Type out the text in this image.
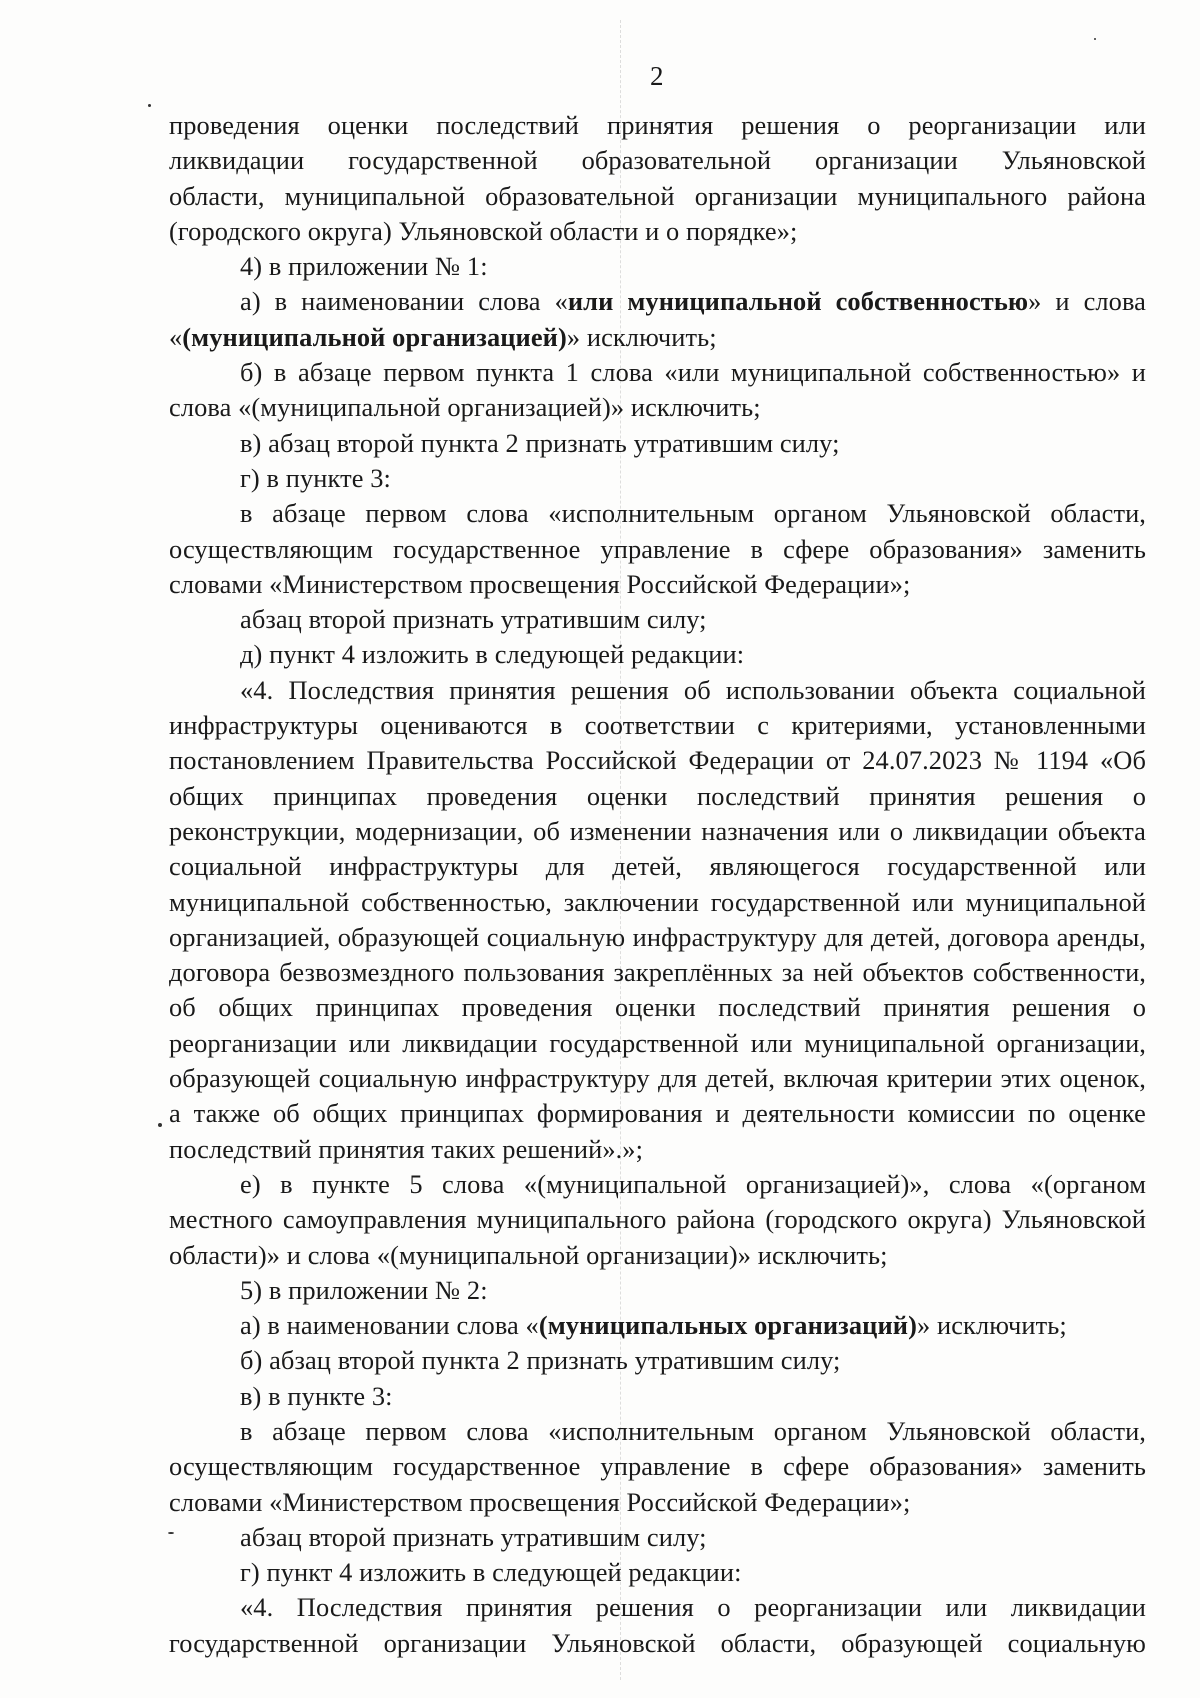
2

проведения оценки последствий принятия решения о реорганизации или

ликвидации государственной образовательной организации Ульяновской

области, муниципальной образовательной организации муниципального района

(городского округа) Ульяновской области и о порядке»;

4) в приложении № 1:

а) в наименовании слова «или муниципальной собственностью» и слова «(муниципальной организацией)» исключить;

б) в абзаце первом пункта 1 слова «или муниципальной собственностью» и слова «(муниципальной организацией)» исключить;

в) абзац второй пункта 2 признать утратившим силу;

г) в пункте 3:

в абзаце первом слова «исполнительным органом Ульяновской области, осуществляющим государственное управление в сфере образования» заменить словами «Министерством просвещения Российской Федерации»;

абзац второй признать утратившим силу;

д) пункт 4 изложить в следующей редакции:

«4. Последствия принятия решения об использовании объекта социальной инфраструктуры оцениваются в соответствии с критериями, установленными постановлением Правительства Российской Федерации от 24.07.2023 № 1194 «Об общих принципах проведения оценки последствий принятия решения о реконструкции, модернизации, об изменении назначения или о ликвидации объекта социальной инфраструктуры для детей, являющегося государственной или муниципальной собственностью, заключении государственной или муниципальной организацией, образующей социальную инфраструктуру для детей, договора аренды, договора безвозмездного пользования закреплённых за ней объектов собственности, об общих принципах проведения оценки последствий принятия решения о реорганизации или ликвидации государственной или муниципальной организации, образующей социальную инфраструктуру для детей, включая критерии этих оценок, а также об общих принципах формирования и деятельности комиссии по оценке последствий принятия таких решений».»;

е) в пункте 5 слова «(муниципальной организацией)», слова «(органом местного самоуправления муниципального района (городского округа) Ульяновской области)» и слова «(муниципальной организации)» исключить;

5) в приложении № 2:

а) в наименовании слова «(муниципальных организаций)» исключить;

б) абзац второй пункта 2 признать утратившим силу;

в) в пункте 3:

в абзаце первом слова «исполнительным органом Ульяновской области, осуществляющим государственное управление в сфере образования» заменить словами «Министерством просвещения Российской Федерации»;

абзац второй признать утратившим силу;

г) пункт 4 изложить в следующей редакции:

«4. Последствия принятия решения о реорганизации или ликвидации государственной организации Ульяновской области, образующей социальную
